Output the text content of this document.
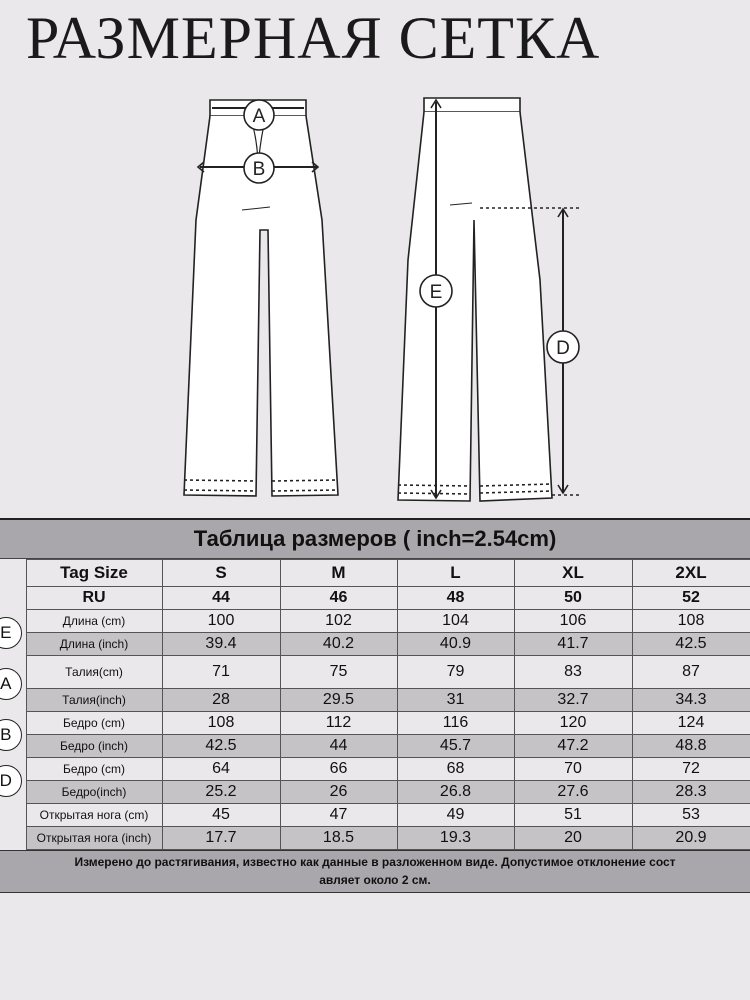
РАЗМЕРНАЯ СЕТКА
A
B
E
D
Таблица размеров ( inch=2.54cm)
	Tag Size	S	M	L	XL	2XL
	RU	44	46	48	50	52
E	Длина (cm)	100	102	104	106	108
	Длина (inch)	39.4	40.2	40.9	41.7	42.5
A	Талия(cm)	71	75	79	83	87
	Талия(inch)	28	29.5	31	32.7	34.3
B	Бедро (cm)	108	112	116	120	124
	Бедро (inch)	42.5	44	45.7	47.2	48.8
D	Бедро (cm)	64	66	68	70	72
	Бедро(inch)	25.2	26	26.8	27.6	28.3
	Открытая нога (cm)	45	47	49	51	53
	Открытая нога (inch)	17.7	18.5	19.3	20	20.9
Измерено до растягивания, известно как данные в разложенном виде. Допустимое отклонение сост
авляет около 2 см.
